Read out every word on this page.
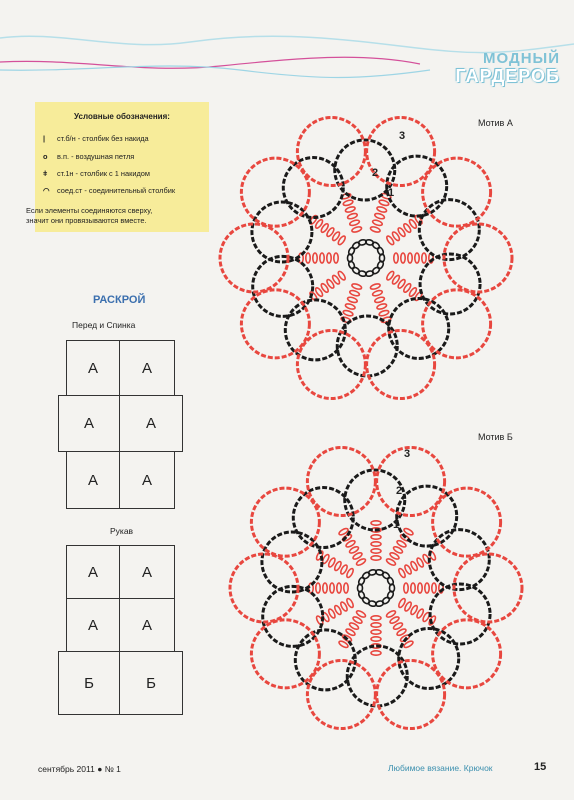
МОДНЫЙ
ГАРДЕРОБ
Условные обозначения:
|	ст.б/н - столбик без накида
o	в.п. - воздушная петля
ǂ	ст.1н - столбик с 1 накидом
◠	соед.ст - соединительный столбик
Если элементы соединяются сверху, значит они провязываются вместе.
РАСКРОЙ
Перед и Спинка
А	А
А	А
А	А
Рукав
А	А
А	А
Б	Б
Мотив А
Мотив Б
3
2
1
3
2
1
сентябрь 2011 ● № 1	Любимое вязание. Крючок	15
